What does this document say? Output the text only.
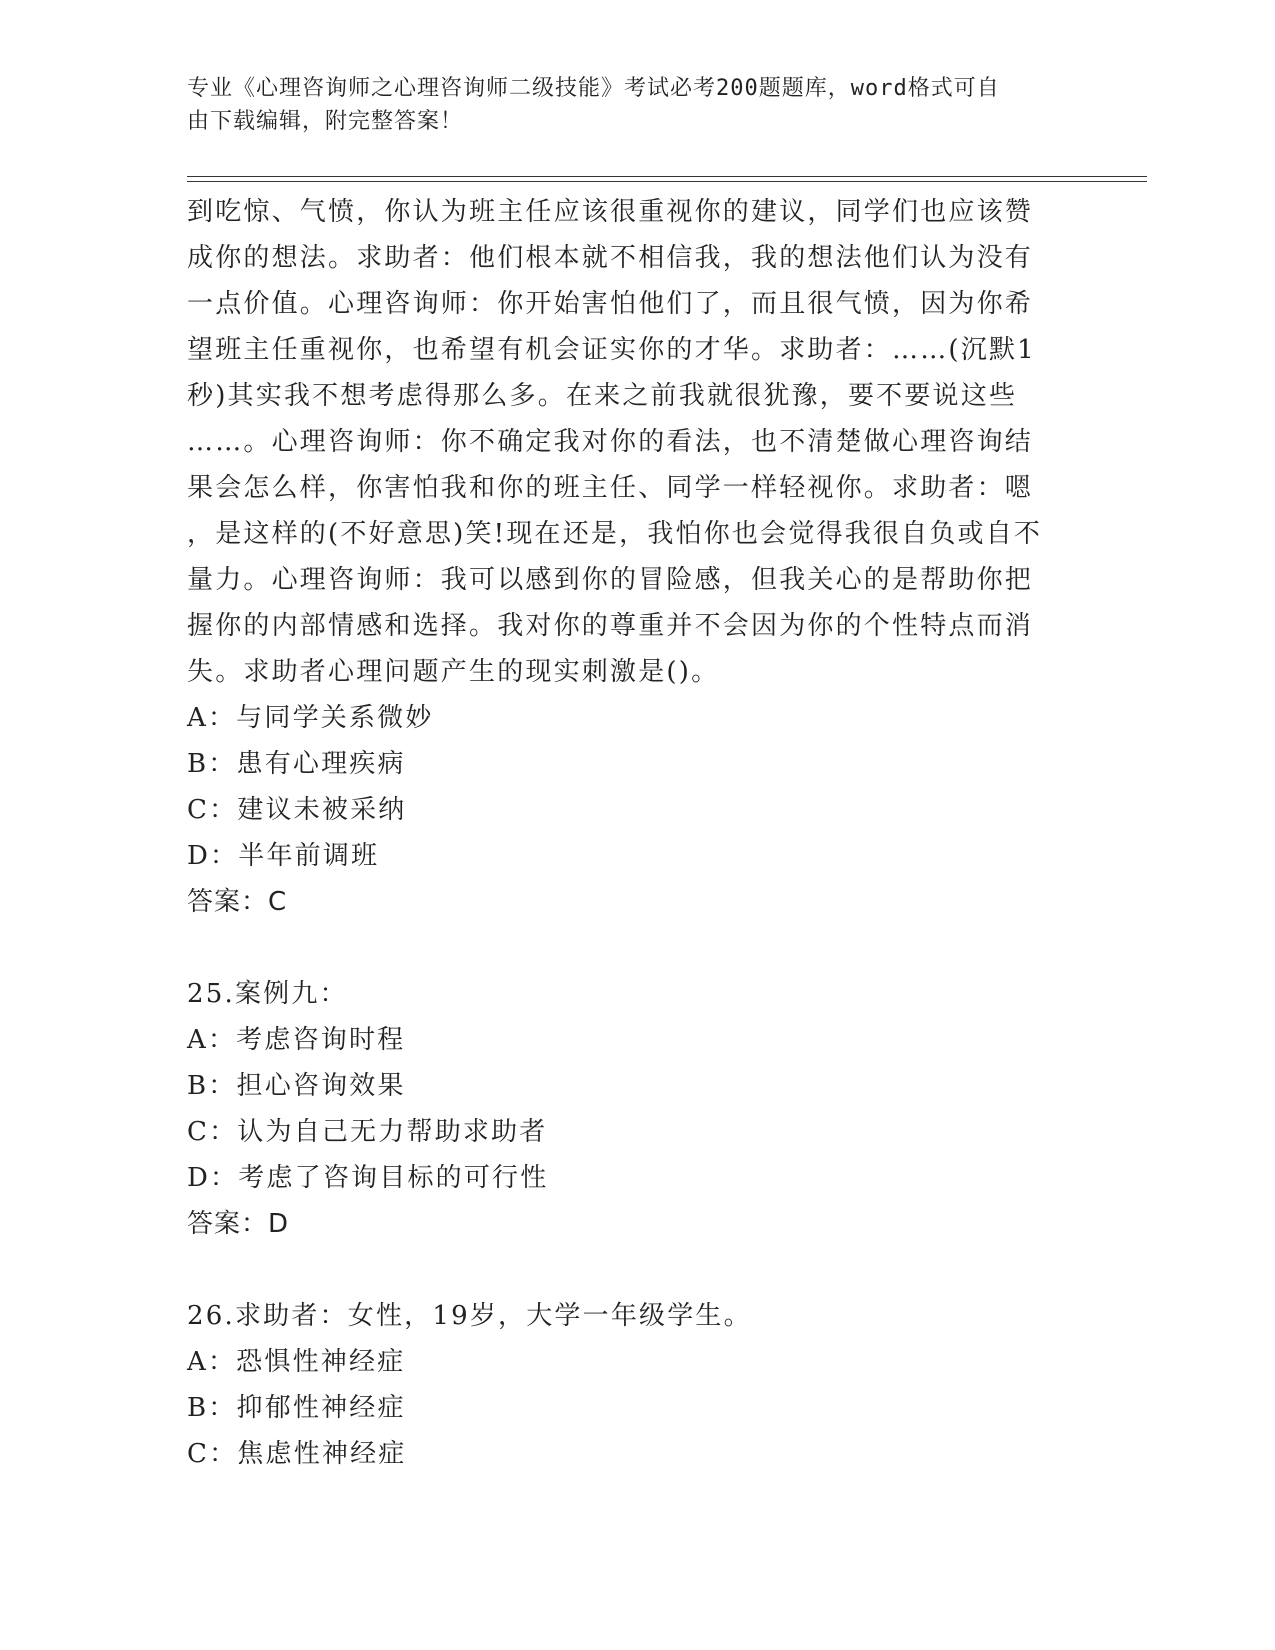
专业《心理咨询师之心理咨询师二级技能》考试必考200题题库，word格式可自
由下载编辑，附完整答案！
到吃惊、气愤，你认为班主任应该很重视你的建议，同学们也应该赞
成你的想法。求助者：他们根本就不相信我，我的想法他们认为没有
一点价值。心理咨询师：你开始害怕他们了，而且很气愤，因为你希
望班主任重视你，也希望有机会证实你的才华。求助者：……(沉默1
秒)其实我不想考虑得那么多。在来之前我就很犹豫，要不要说这些
……。心理咨询师：你不确定我对你的看法，也不清楚做心理咨询结
果会怎么样，你害怕我和你的班主任、同学一样轻视你。求助者：嗯
，是这样的(不好意思)笑!现在还是，我怕你也会觉得我很自负或自不
量力。心理咨询师：我可以感到你的冒险感，但我关心的是帮助你把
握你的内部情感和选择。我对你的尊重并不会因为你的个性特点而消
失。求助者心理问题产生的现实刺激是()。
A：与同学关系微妙
B：患有心理疾病
C：建议未被采纳
D：半年前调班
答案：C
25.案例九：
A：考虑咨询时程
B：担心咨询效果
C：认为自己无力帮助求助者
D：考虑了咨询目标的可行性
答案：D
26.求助者：女性，19岁，大学一年级学生。
A：恐惧性神经症
B：抑郁性神经症
C：焦虑性神经症
